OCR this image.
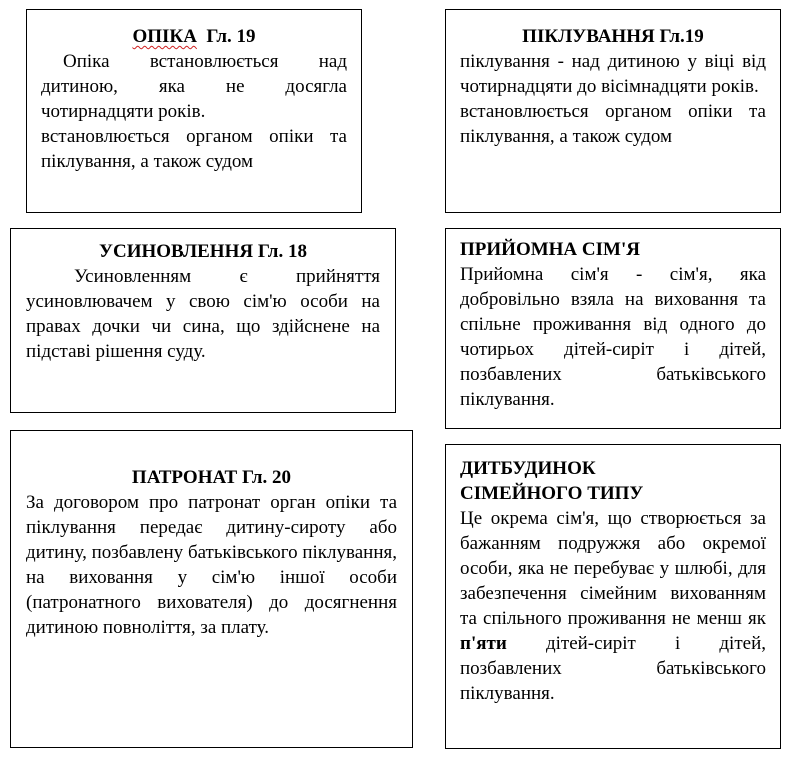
ОПІКА Гл. 19
Опіка встановлюється над дитиною, яка не досягла чотирнадцяти років.
встановлюється органом опіки та піклування, а також судом
ПІКЛУВАННЯ Гл.19
піклування - над дитиною у віці від чотирнадцяти до вісімнадцяти років.
встановлюється органом опіки та піклування, а також судом
УСИНОВЛЕННЯ Гл. 18
Усиновленням є прийняття усиновлювачем у свою сім'ю особи на правах дочки чи сина, що здійснене на підставі рішення суду.
ПРИЙОМНА СІМ'Я
Прийомна сім'я - сім'я, яка добровільно взяла на виховання та спільне проживання від одного до чотирьох дітей-сиріт і дітей, позбавлених батьківського піклування.
ПАТРОНАТ Гл. 20
За договором про патронат орган опіки та піклування передає дитину-сироту або дитину, позбавлену батьківського піклування, на виховання у сім'ю іншої особи (патронатного вихователя) до досягнення дитиною повноліття, за плату.
ДИТБУДИНОК
СІМЕЙНОГО ТИПУ
Це окрема сім'я, що створюється за бажанням подружжя або окремої особи, яка не перебуває у шлюбі, для забезпечення сімейним вихованням та спільного проживання не менш як п'яти дітей-сиріт і дітей, позбавлених батьківського піклування.
